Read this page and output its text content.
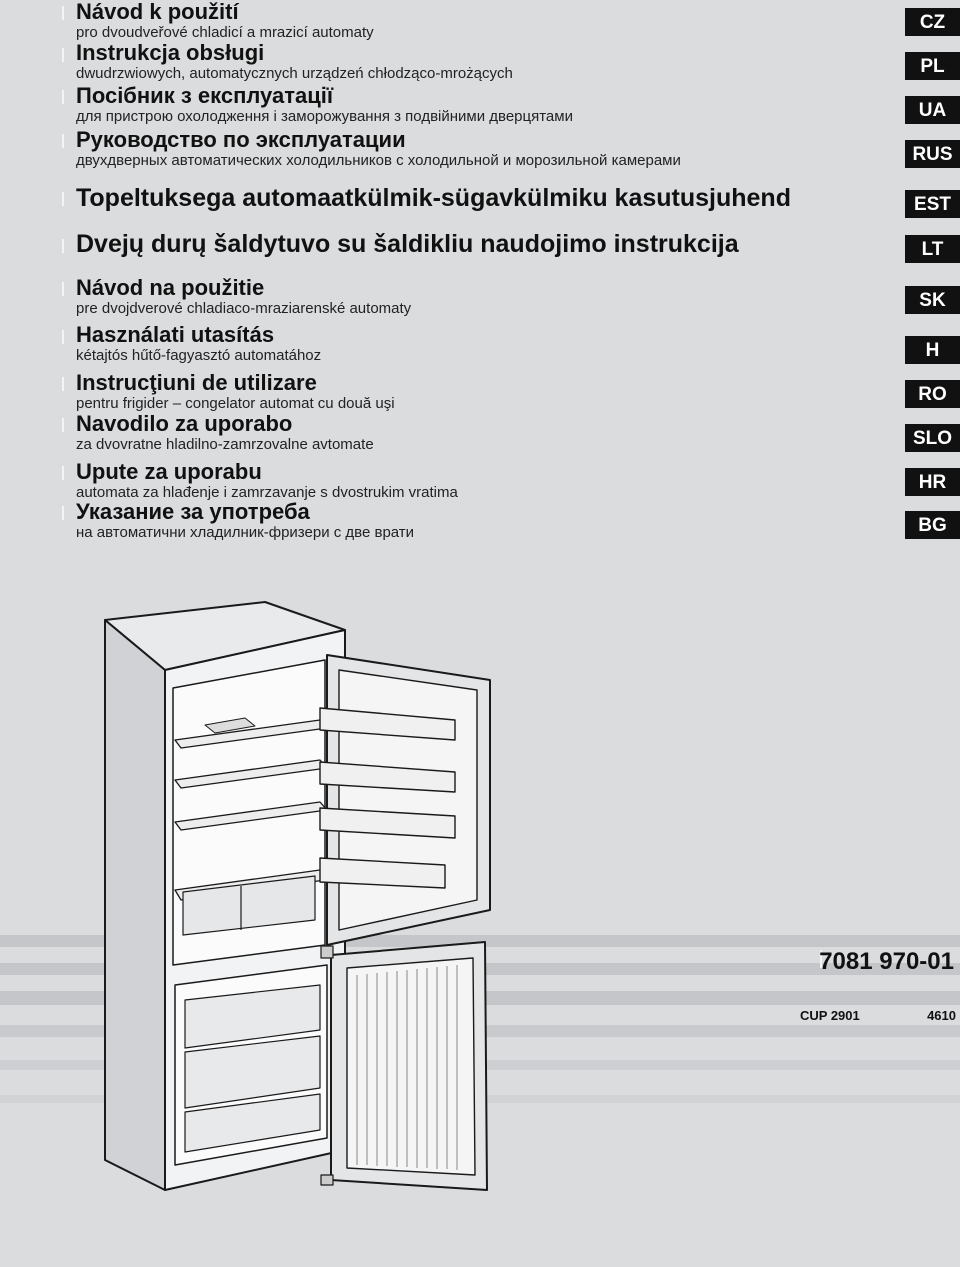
Návod k použití
pro dvoudveřové chladicí a mrazicí automaty
Instrukcja obsługi
dwudrzwiowych, automatycznych urządzeń chłodząco-mrożących
Посібник з експлуатації
для пристрою охолодження і заморожування з подвійними дверцятами
Руководство по эксплуатации
двухдверных автоматических холодильников с холодильной и морозильной камерами
Topeltuksega automaatkülmik-sügavkülmiku kasutusjuhend
Dvejų durų šaldytuvo su šaldikliu naudojimo instrukcija
Návod na použitie
pre dvojdverové chladiaco-mraziarenské automaty
Használati utasítás
kétajtós hűtő-fagyasztó automatához
Instrucţiuni de utilizare
pentru frigider – congelator automat cu două uşi
Navodilo za uporabo
za dvovratne hladilno-zamrzovalne avtomate
Upute za uporabu
automata za hlađenje i zamrzavanje s dvostrukim vratima
Указание за употреба
на автоматични хладилник-фризери с две врати
CZ
PL
UA
RUS
EST
LT
SK
H
RO
SLO
HR
BG
7081 970-01
CUP 2901	4610
